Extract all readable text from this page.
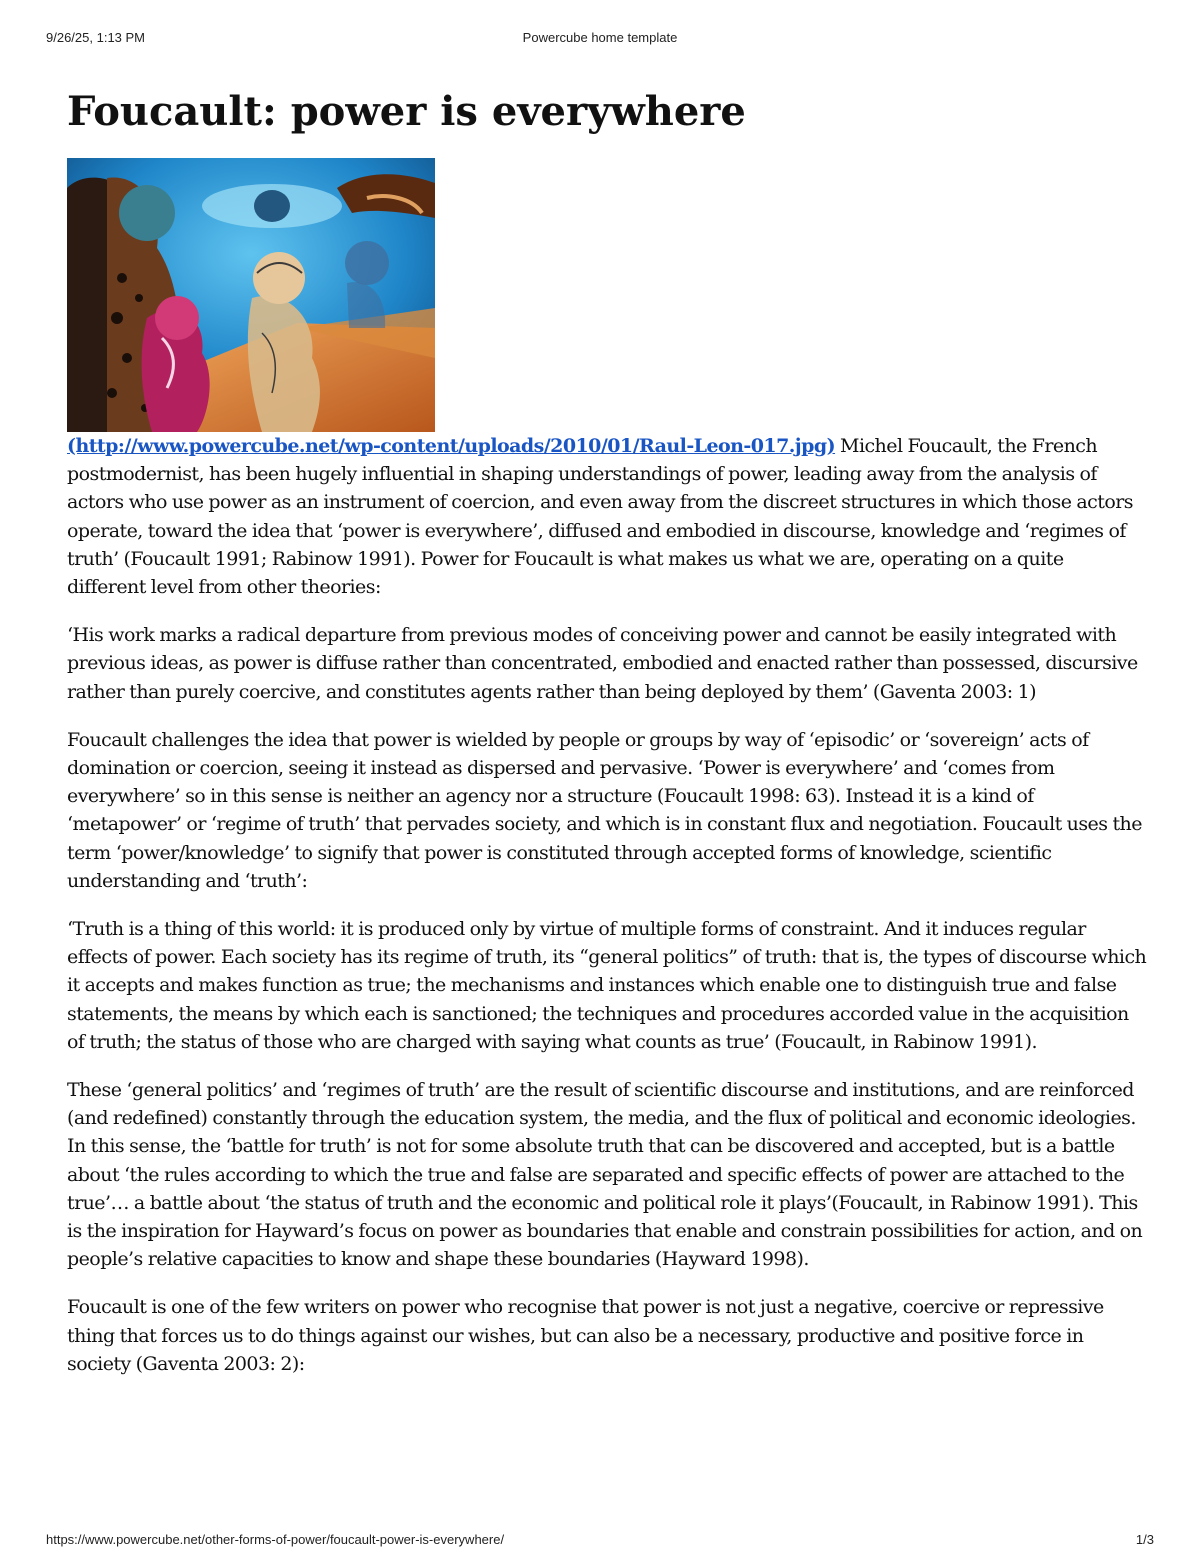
9/26/25, 1:13 PM	Powercube home template
Foucault: power is everywhere

(http://www.powercube.net/wp-content/uploads/2010/01/Raul-Leon-017.jpg) Michel Foucault, the French postmodernist, has been hugely influential in shaping understandings of power, leading away from the analysis of actors who use power as an instrument of coercion, and even away from the discreet structures in which those actors operate, toward the idea that ‘power is everywhere’, diffused and embodied in discourse, knowledge and ‘regimes of truth’ (Foucault 1991; Rabinow 1991). Power for Foucault is what makes us what we are, operating on a quite different level from other theories:

‘His work marks a radical departure from previous modes of conceiving power and cannot be easily integrated with previous ideas, as power is diffuse rather than concentrated, embodied and enacted rather than possessed, discursive rather than purely coercive, and constitutes agents rather than being deployed by them’ (Gaventa 2003: 1)

Foucault challenges the idea that power is wielded by people or groups by way of ‘episodic’ or ‘sovereign’ acts of domination or coercion, seeing it instead as dispersed and pervasive. ‘Power is everywhere’ and ‘comes from everywhere’ so in this sense is neither an agency nor a structure (Foucault 1998: 63). Instead it is a kind of ‘metapower’ or ‘regime of truth’ that pervades society, and which is in constant flux and negotiation. Foucault uses the term ‘power/knowledge’ to signify that power is constituted through accepted forms of knowledge, scientific understanding and ‘truth’:

‘Truth is a thing of this world: it is produced only by virtue of multiple forms of constraint. And it induces regular effects of power. Each society has its regime of truth, its “general politics” of truth: that is, the types of discourse which it accepts and makes function as true; the mechanisms and instances which enable one to distinguish true and false statements, the means by which each is sanctioned; the techniques and procedures accorded value in the acquisition of truth; the status of those who are charged with saying what counts as true’ (Foucault, in Rabinow 1991).

These ‘general politics’ and ‘regimes of truth’ are the result of scientific discourse and institutions, and are reinforced (and redefined) constantly through the education system, the media, and the flux of political and economic ideologies. In this sense, the ‘battle for truth’ is not for some absolute truth that can be discovered and accepted, but is a battle about ‘the rules according to which the true and false are separated and specific effects of power are attached to the true’… a battle about ‘the status of truth and the economic and political role it plays’(Foucault, in Rabinow 1991). This is the inspiration for Hayward’s focus on power as boundaries that enable and constrain possibilities for action, and on people’s relative capacities to know and shape these boundaries (Hayward 1998).

Foucault is one of the few writers on power who recognise that power is not just a negative, coercive or repressive thing that forces us to do things against our wishes, but can also be a necessary, productive and positive force in society (Gaventa 2003: 2):

https://www.powercube.net/other-forms-of-power/foucault-power-is-everywhere/	1/3
